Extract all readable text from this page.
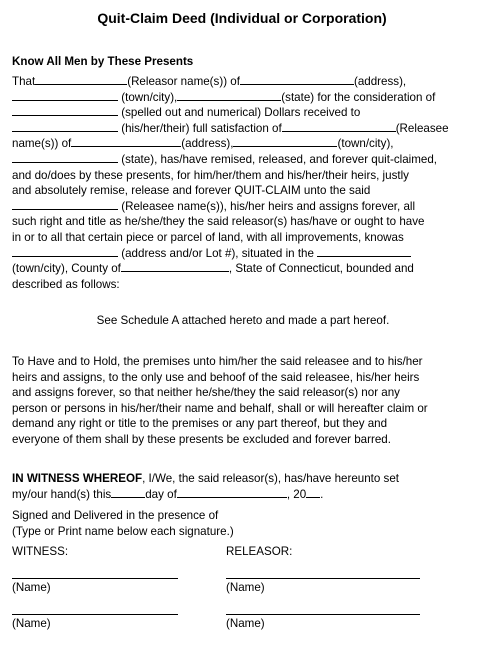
Quit-Claim Deed (Individual or Corporation)
Know All Men by These Presents
That	(Releasor name(s)) of	(address),
(town/city),	(state) for the consideration of
(spelled out and numerical) Dollars received to
(his/her/their) full satisfaction of	(Releasee
name(s)) of	(address),	(town/city),
(state), has/have remised, released, and forever quit-claimed,
and do/does by these presents, for him/her/them and his/her/their heirs, justly
and absolutely remise, release and forever QUIT-CLAIM unto the said
(Releasee name(s)), his/her heirs and assigns forever, all
such right and title as he/she/they the said releasor(s) has/have or ought to have
in or to all that certain piece or parcel of land, with all improvements, knowas
(address and/or Lot #), situated in the
(town/city), County of	, State of Connecticut, bounded and
described as follows:
See Schedule A attached hereto and made a part hereof.
To Have and to Hold, the premises unto him/her the said releasee and to his/her
heirs and assigns, to the only use and behoof of the said releasee, his/her heirs
and assigns forever, so that neither he/she/they the said releasor(s) nor any
person or persons in his/her/their name and behalf, shall or will hereafter claim or
demand any right or title to the premises or any part thereof, but they and
everyone of them shall by these presents be excluded and forever barred.
IN WITNESS WHEREOF, I/We, the said releasor(s), has/have hereunto set
my/our hand(s) this	day of	, 20 .
Signed and Delivered in the presence of
(Type or Print name below each signature.)
WITNESS:	RELEASOR:
(Name)	(Name)
(Name)	(Name)
